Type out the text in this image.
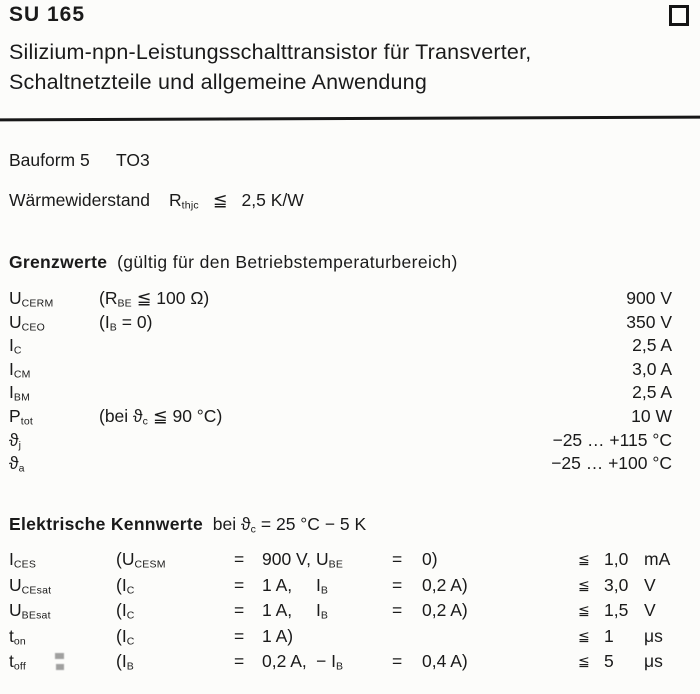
SU 165
Silizium-npn-Leistungsschalttransistor für Transverter,
Schaltnetzteile und allgemeine Anwendung
Bauform 5	TO3
Wärmewiderstand	$R_{thjc}$ ≦ 2,5 K/W
Grenzwerte (gültig für den Betriebstemperaturbereich)
$U_{CERM}$	($R_{BE}$ ≦ 100 Ω)	900 V
$U_{CEO}$	$(I_B = 0)$	350 V
$I_C$	2,5 A
$I_{CM}$	3,0 A
$I_{BM}$	2,5 A
$P_{tot}$	(bei $ϑ_c$ ≦ 90 °C)	10 W
$ϑ_j$	−25 … +115 °C
$ϑ_a$	−25 … +100 °C
Elektrische Kennwerte bei $ϑ_c = 25$ °C − 5 K
$I_{CES}$	($U_{CESM}$	=	900 V, $U_{BE}$	=	0)	≦ 1,0 mA
$U_{CEsat}$	($I_C$	=	1 A,	$I_B$	=	0,2 A)	≦ 3,0 V
$U_{BEsat}$	($I_C$	=	1 A,	$I_B$	=	0,2 A)	≦ 1,5 V
$t_{on}$	($I_C$	=	1 A)	≦ 1	μs
$t_{off}$	($I_B$	=	0,2 A, − $I_B$	=	0,4 A)	≦ 5	μs
